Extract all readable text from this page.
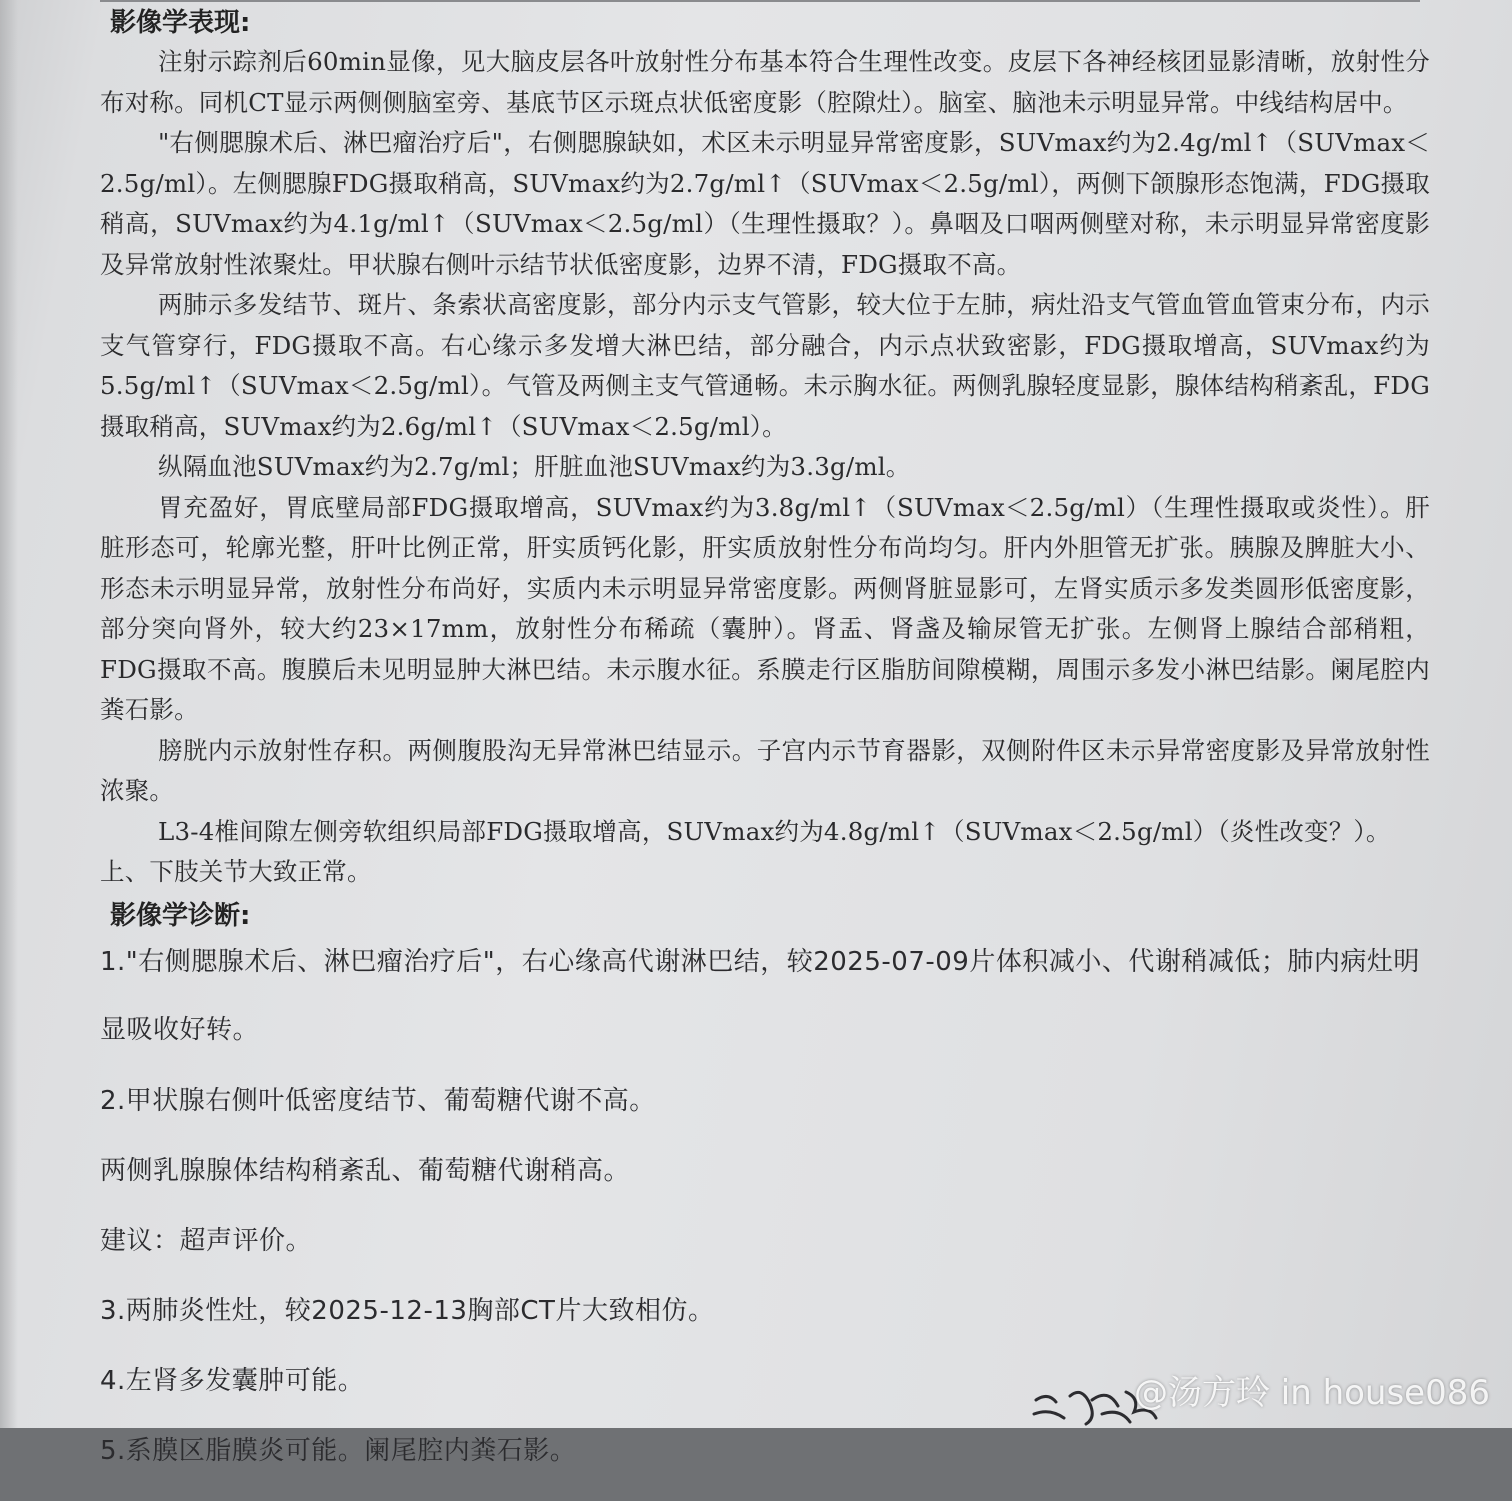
影像学表现:

注射示踪剂后60min显像，见大脑皮层各叶放射性分布基本符合生理性改变。皮层下各神经核团显影清晰，放射性分布对称。同机CT显示两侧侧脑室旁、基底节区示斑点状低密度影（腔隙灶）。脑室、脑池未示明显异常。中线结构居中。

"右侧腮腺术后、淋巴瘤治疗后"，右侧腮腺缺如，术区未示明显异常密度影，SUVmax约为2.4g/ml↑（SUVmax＜2.5g/ml）。左侧腮腺FDG摄取稍高，SUVmax约为2.7g/ml↑（SUVmax＜2.5g/ml），两侧下颌腺形态饱满，FDG摄取稍高，SUVmax约为4.1g/ml↑（SUVmax＜2.5g/ml）（生理性摄取？）。鼻咽及口咽两侧壁对称，未示明显异常密度影及异常放射性浓聚灶。甲状腺右侧叶示结节状低密度影，边界不清，FDG摄取不高。

两肺示多发结节、斑片、条索状高密度影，部分内示支气管影，较大位于左肺，病灶沿支气管血管血管束分布，内示支气管穿行，FDG摄取不高。右心缘示多发增大淋巴结，部分融合，内示点状致密影，FDG摄取增高，SUVmax约为5.5g/ml↑（SUVmax＜2.5g/ml）。气管及两侧主支气管通畅。未示胸水征。两侧乳腺轻度显影，腺体结构稍紊乱，FDG摄取稍高，SUVmax约为2.6g/ml↑（SUVmax＜2.5g/ml）。

纵隔血池SUVmax约为2.7g/ml；肝脏血池SUVmax约为3.3g/ml。

胃充盈好，胃底壁局部FDG摄取增高，SUVmax约为3.8g/ml↑（SUVmax＜2.5g/ml）（生理性摄取或炎性）。肝脏形态可，轮廓光整，肝叶比例正常，肝实质钙化影，肝实质放射性分布尚均匀。肝内外胆管无扩张。胰腺及脾脏大小、形态未示明显异常，放射性分布尚好，实质内未示明显异常密度影。两侧肾脏显影可，左肾实质示多发类圆形低密度影，部分突向肾外，较大约23×17mm，放射性分布稀疏（囊肿）。肾盂、肾盏及输尿管无扩张。左侧肾上腺结合部稍粗，FDG摄取不高。腹膜后未见明显肿大淋巴结。未示腹水征。系膜走行区脂肪间隙模糊，周围示多发小淋巴结影。阑尾腔内粪石影。

膀胱内示放射性存积。两侧腹股沟无异常淋巴结显示。子宫内示节育器影，双侧附件区未示异常密度影及异常放射性浓聚。

L3-4椎间隙左侧旁软组织局部FDG摄取增高，SUVmax约为4.8g/ml↑（SUVmax＜2.5g/ml）（炎性改变？）。

上、下肢关节大致正常。

影像学诊断:

1."右侧腮腺术后、淋巴瘤治疗后"，右心缘高代谢淋巴结，较2025-07-09片体积减小、代谢稍减低；肺内病灶明

显吸收好转。

2.甲状腺右侧叶低密度结节、葡萄糖代谢不高。

两侧乳腺腺体结构稍紊乱、葡萄糖代谢稍高。

建议：超声评价。

3.两肺炎性灶，较2025-12-13胸部CT片大致相仿。

4.左肾多发囊肿可能。

5.系膜区脂膜炎可能。阑尾腔内粪石影。

@汤方玲 in house086
